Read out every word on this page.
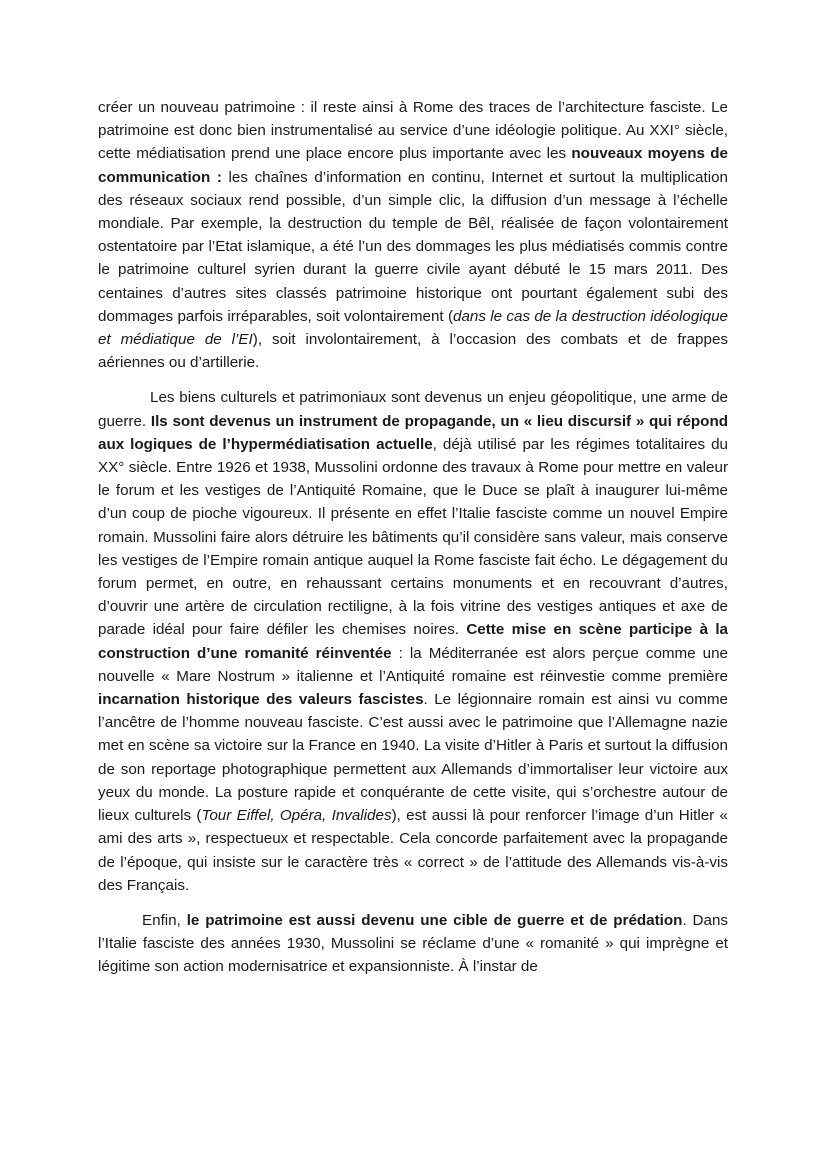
créer un nouveau patrimoine : il reste ainsi à Rome des traces de l’architecture fasciste. Le patrimoine est donc bien instrumentalisé au service d’une idéologie politique. Au XXI° siècle, cette médiatisation prend une place encore plus importante avec les nouveaux moyens de communication : les chaînes d’information en continu, Internet et surtout la multiplication des réseaux sociaux rend possible, d’un simple clic, la diffusion d’un message à l’échelle mondiale. Par exemple, la destruction du temple de Bêl, réalisée de façon volontairement ostentatoire par l’Etat islamique, a été l’un des dommages les plus médiatisés commis contre le patrimoine culturel syrien durant la guerre civile ayant débuté le 15 mars 2011. Des centaines d’autres sites classés patrimoine historique ont pourtant également subi des dommages parfois irréparables, soit volontairement (dans le cas de la destruction idéologique et médiatique de l’EI), soit involontairement, à l’occasion des combats et de frappes aériennes ou d’artillerie.

Les biens culturels et patrimoniaux sont devenus un enjeu géopolitique, une arme de guerre. Ils sont devenus un instrument de propagande, un « lieu discursif » qui répond aux logiques de l’hypermédiatisation actuelle, déjà utilisé par les régimes totalitaires du XX° siècle. Entre 1926 et 1938, Mussolini ordonne des travaux à Rome pour mettre en valeur le forum et les vestiges de l’Antiquité Romaine, que le Duce se plaît à inaugurer lui-même d’un coup de pioche vigoureux. Il présente en effet l’Italie fasciste comme un nouvel Empire romain. Mussolini faire alors détruire les bâtiments qu’il considère sans valeur, mais conserve les vestiges de l’Empire romain antique auquel la Rome fasciste fait écho. Le dégagement du forum permet, en outre, en rehaussant certains monuments et en recouvrant d’autres, d’ouvrir une artère de circulation rectiligne, à la fois vitrine des vestiges antiques et axe de parade idéal pour faire défiler les chemises noires. Cette mise en scène participe à la construction d’une romanité réinventée : la Méditerranée est alors perçue comme une nouvelle « Mare Nostrum » italienne et l’Antiquité romaine est réinvestie comme première incarnation historique des valeurs fascistes. Le légionnaire romain est ainsi vu comme l’ancêtre de l’homme nouveau fasciste. C’est aussi avec le patrimoine que l’Allemagne nazie met en scène sa victoire sur la France en 1940. La visite d’Hitler à Paris et surtout la diffusion de son reportage photographique permettent aux Allemands d’immortaliser leur victoire aux yeux du monde. La posture rapide et conquérante de cette visite, qui s’orchestre autour de lieux culturels (Tour Eiffel, Opéra, Invalides), est aussi là pour renforcer l’image d’un Hitler « ami des arts », respectueux et respectable. Cela concorde parfaitement avec la propagande de l’époque, qui insiste sur le caractère très « correct » de l’attitude des Allemands vis-à-vis des Français.

Enfin, le patrimoine est aussi devenu une cible de guerre et de prédation. Dans l’Italie fasciste des années 1930, Mussolini se réclame d’une « romanité » qui imprègne et légitime son action modernisatrice et expansionniste. À l’instar de
